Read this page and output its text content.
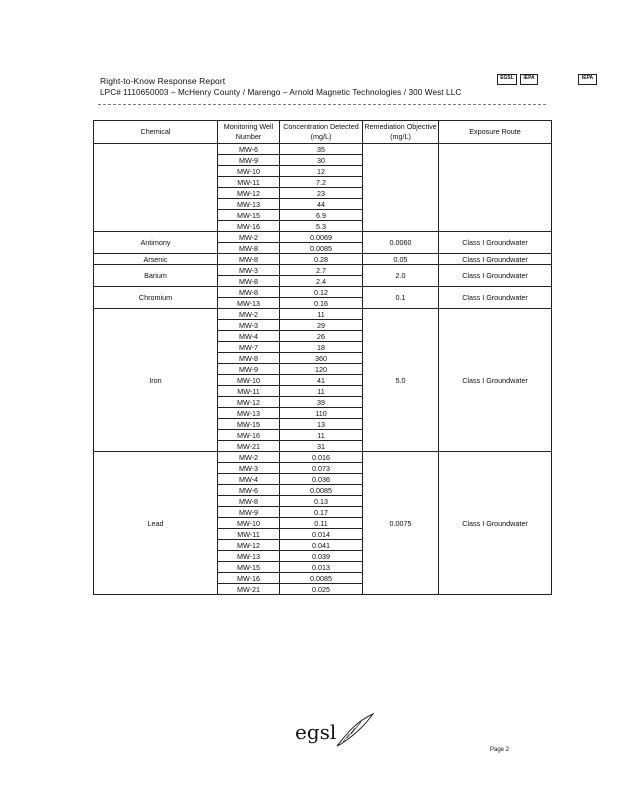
Right-to-Know Response Report
LPC# 1110650003 – McHenry County / Marengo – Arnold Magnetic Technologies / 300 West LLC
EGSL	IEPA	IEPA
Chemical	Monitoring Well Number	Concentration Detected (mg/L)	Remediation Objective (mg/L)	Exposure Route
	MW-6	35		
	MW-9	30		
	MW-10	12		
	MW-11	7.2		
	MW-12	23		
	MW-13	44		
	MW-15	6.9		
	MW-16	5.3		
Antimony	MW-2	0.0069	0.0060	Class I Groundwater
	MW-8	0.0085		
Arsenic	MW-8	0.28	0.05	Class I Groundwater
Barium	MW-3	2.7	2.0	Class I Groundwater
	MW-8	2.4		
Chromium	MW-8	0.12	0.1	Class I Groundwater
	MW-13	0.16		
Iron	MW-2	11	5.0	Class I Groundwater
	MW-3	29		
	MW-4	26		
	MW-7	18		
	MW-8	360		
	MW-9	120		
	MW-10	41		
	MW-11	11		
	MW-12	39		
	MW-13	110		
	MW-15	13		
	MW-16	11		
	MW-21	31		
Lead	MW-2	0.016	0.0075	Class I Groundwater
	MW-3	0.073		
	MW-4	0.036		
	MW-6	0.0085		
	MW-8	0.13		
	MW-9	0.17		
	MW-10	0.11		
	MW-11	0.014		
	MW-12	0.041		
	MW-13	0.039		
	MW-15	0.013		
	MW-16	0.0085		
	MW-21	0.025		
egsl
Page 2
